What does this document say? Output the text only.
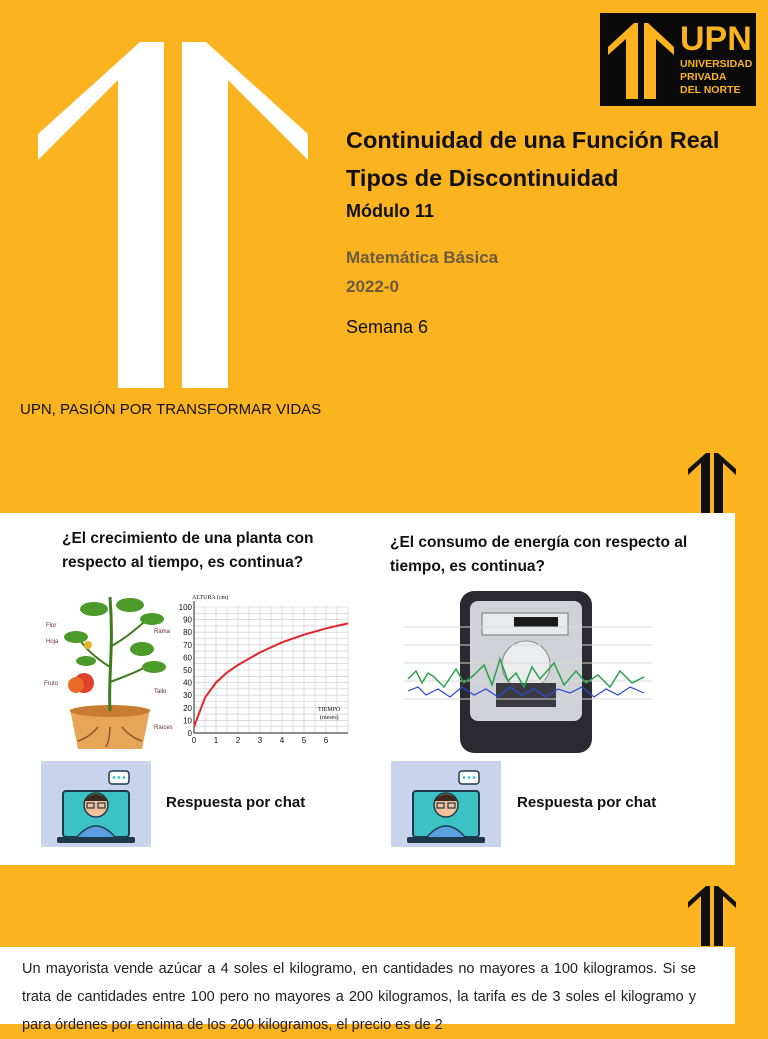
UPN
UNIVERSIDAD
PRIVADA
DEL NORTE
Continuidad de una Función Real
Tipos de Discontinuidad
Módulo 11
Matemática Básica
2022-0
Semana 6
UPN, PASIÓN POR TRANSFORMAR VIDAS
¿El crecimiento de una planta con respecto al tiempo, es continua?
¿El consumo de energía con respecto al tiempo, es continua?
Flor
Hoja
Rama
Fruto
Tallo
Raíces
0
10
20
30
40
50
60
70
80
90
100
0 1 2 3 4 5 6
ALTURA (cm)
TIEMPO
(meses)
Respuesta por chat	Respuesta por chat
Un mayorista vende azúcar a 4 soles el kilogramo, en cantidades no mayores a 100 kilogramos. Si se trata de cantidades entre 100 pero no mayores a 200 kilogramos, la tarifa es de 3 soles el kilogramo y para órdenes por encima de los 200 kilogramos, el precio es de 2
